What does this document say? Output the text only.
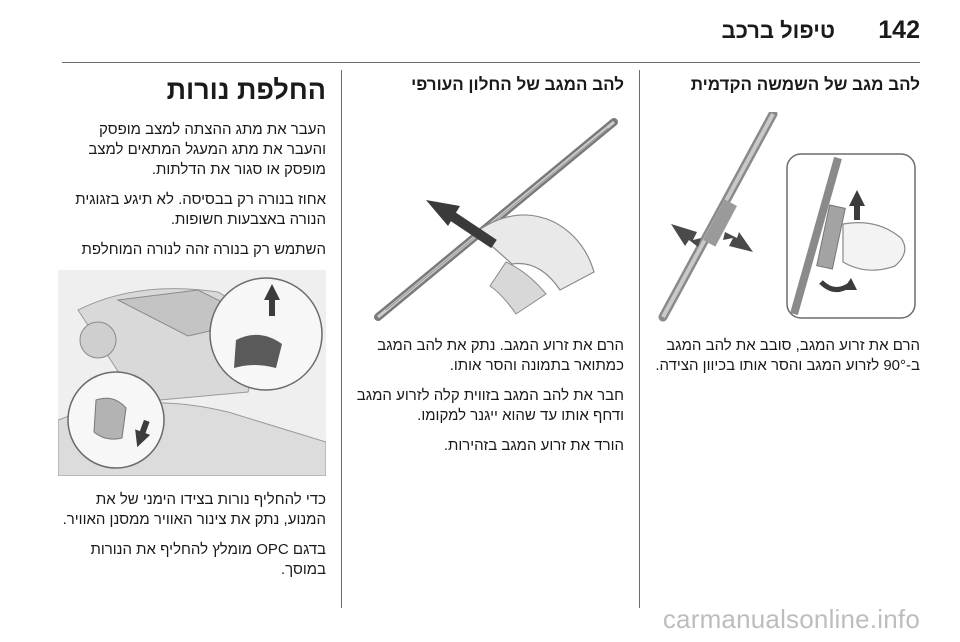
142
טיפול ברכב
להב מגב של השמשה הקדמית

הרם את זרוע המגב, סובב את להב המגב ב-90° לזרוע המגב והסר אותו בכיוון הצידה.

להב המגב של החלון העורפי

הרם את זרוע המגב. נתק את להב המגב כמתואר בתמונה והסר אותו.

חבר את להב המגב בזווית קלה לזרוע המגב ודחף אותו עד שהוא ייגנר למקומו.

הורד את זרוע המגב בזהירות.

החלפת נורות

העבר את מתג ההצתה למצב מופסק והעבר את מתג המעגל המתאים למצב מופסק או סגור את הדלתות.

אחוז בנורה רק בבסיסה. לא תיגע בזגוגית הנורה באצבעות חשופות.

השתמש רק בנורה זהה לנורה המוחלפת

כדי להחליף נורות בצידו הימני של את המנוע, נתק את צינור האוויר ממסנן האוויר.

בדגם OPC מומלץ להחליף את הנורות במוסך.

carmanualsonline.info
